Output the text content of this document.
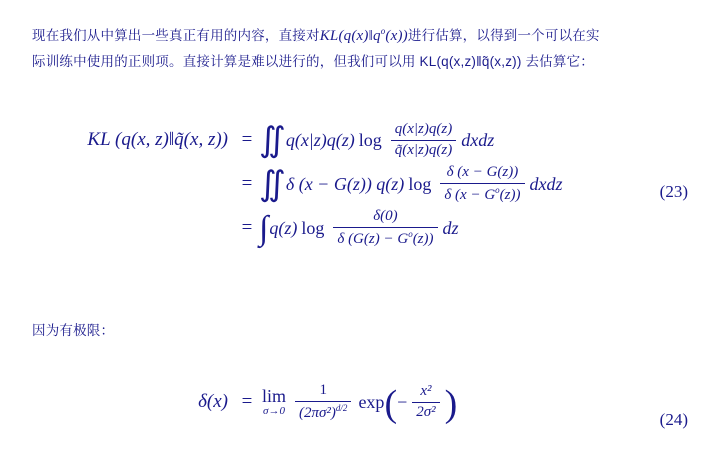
现在我们从中算出一些真正有用的内容，直接对$KL(q(x)‖q^o(x))$进行估算，以得到一个可以在实
际训练中使用的正则项。直接计算是难以进行的，但我们可以用 KL(q(x,z)‖q̃(x,z)) 去估算它：
KL (q(x, z)‖q̃(x, z)) = ∬ q(x|z)q(z) $\log \frac{q(x|z)q(z)}{q̃(x|z)q(z)}$ dxdz
= ∬ δ (x − G(z)) q(z) $\log \frac{\delta (x - G(z))}{\delta (x - G^o(z))}$ dxdz
= ∫ q(z) $\log \frac{\delta(0)}{\delta (G(z) - G^o(z))}$ dz
(23)
因为有极限：
δ(x) = lim
$\sigma\to 0 \frac{1}{(2\pi\sigma^2)^{d/2}}$ exp ( − $\frac{\text{x²}}{\text{2σ²}}$ )	(24)
